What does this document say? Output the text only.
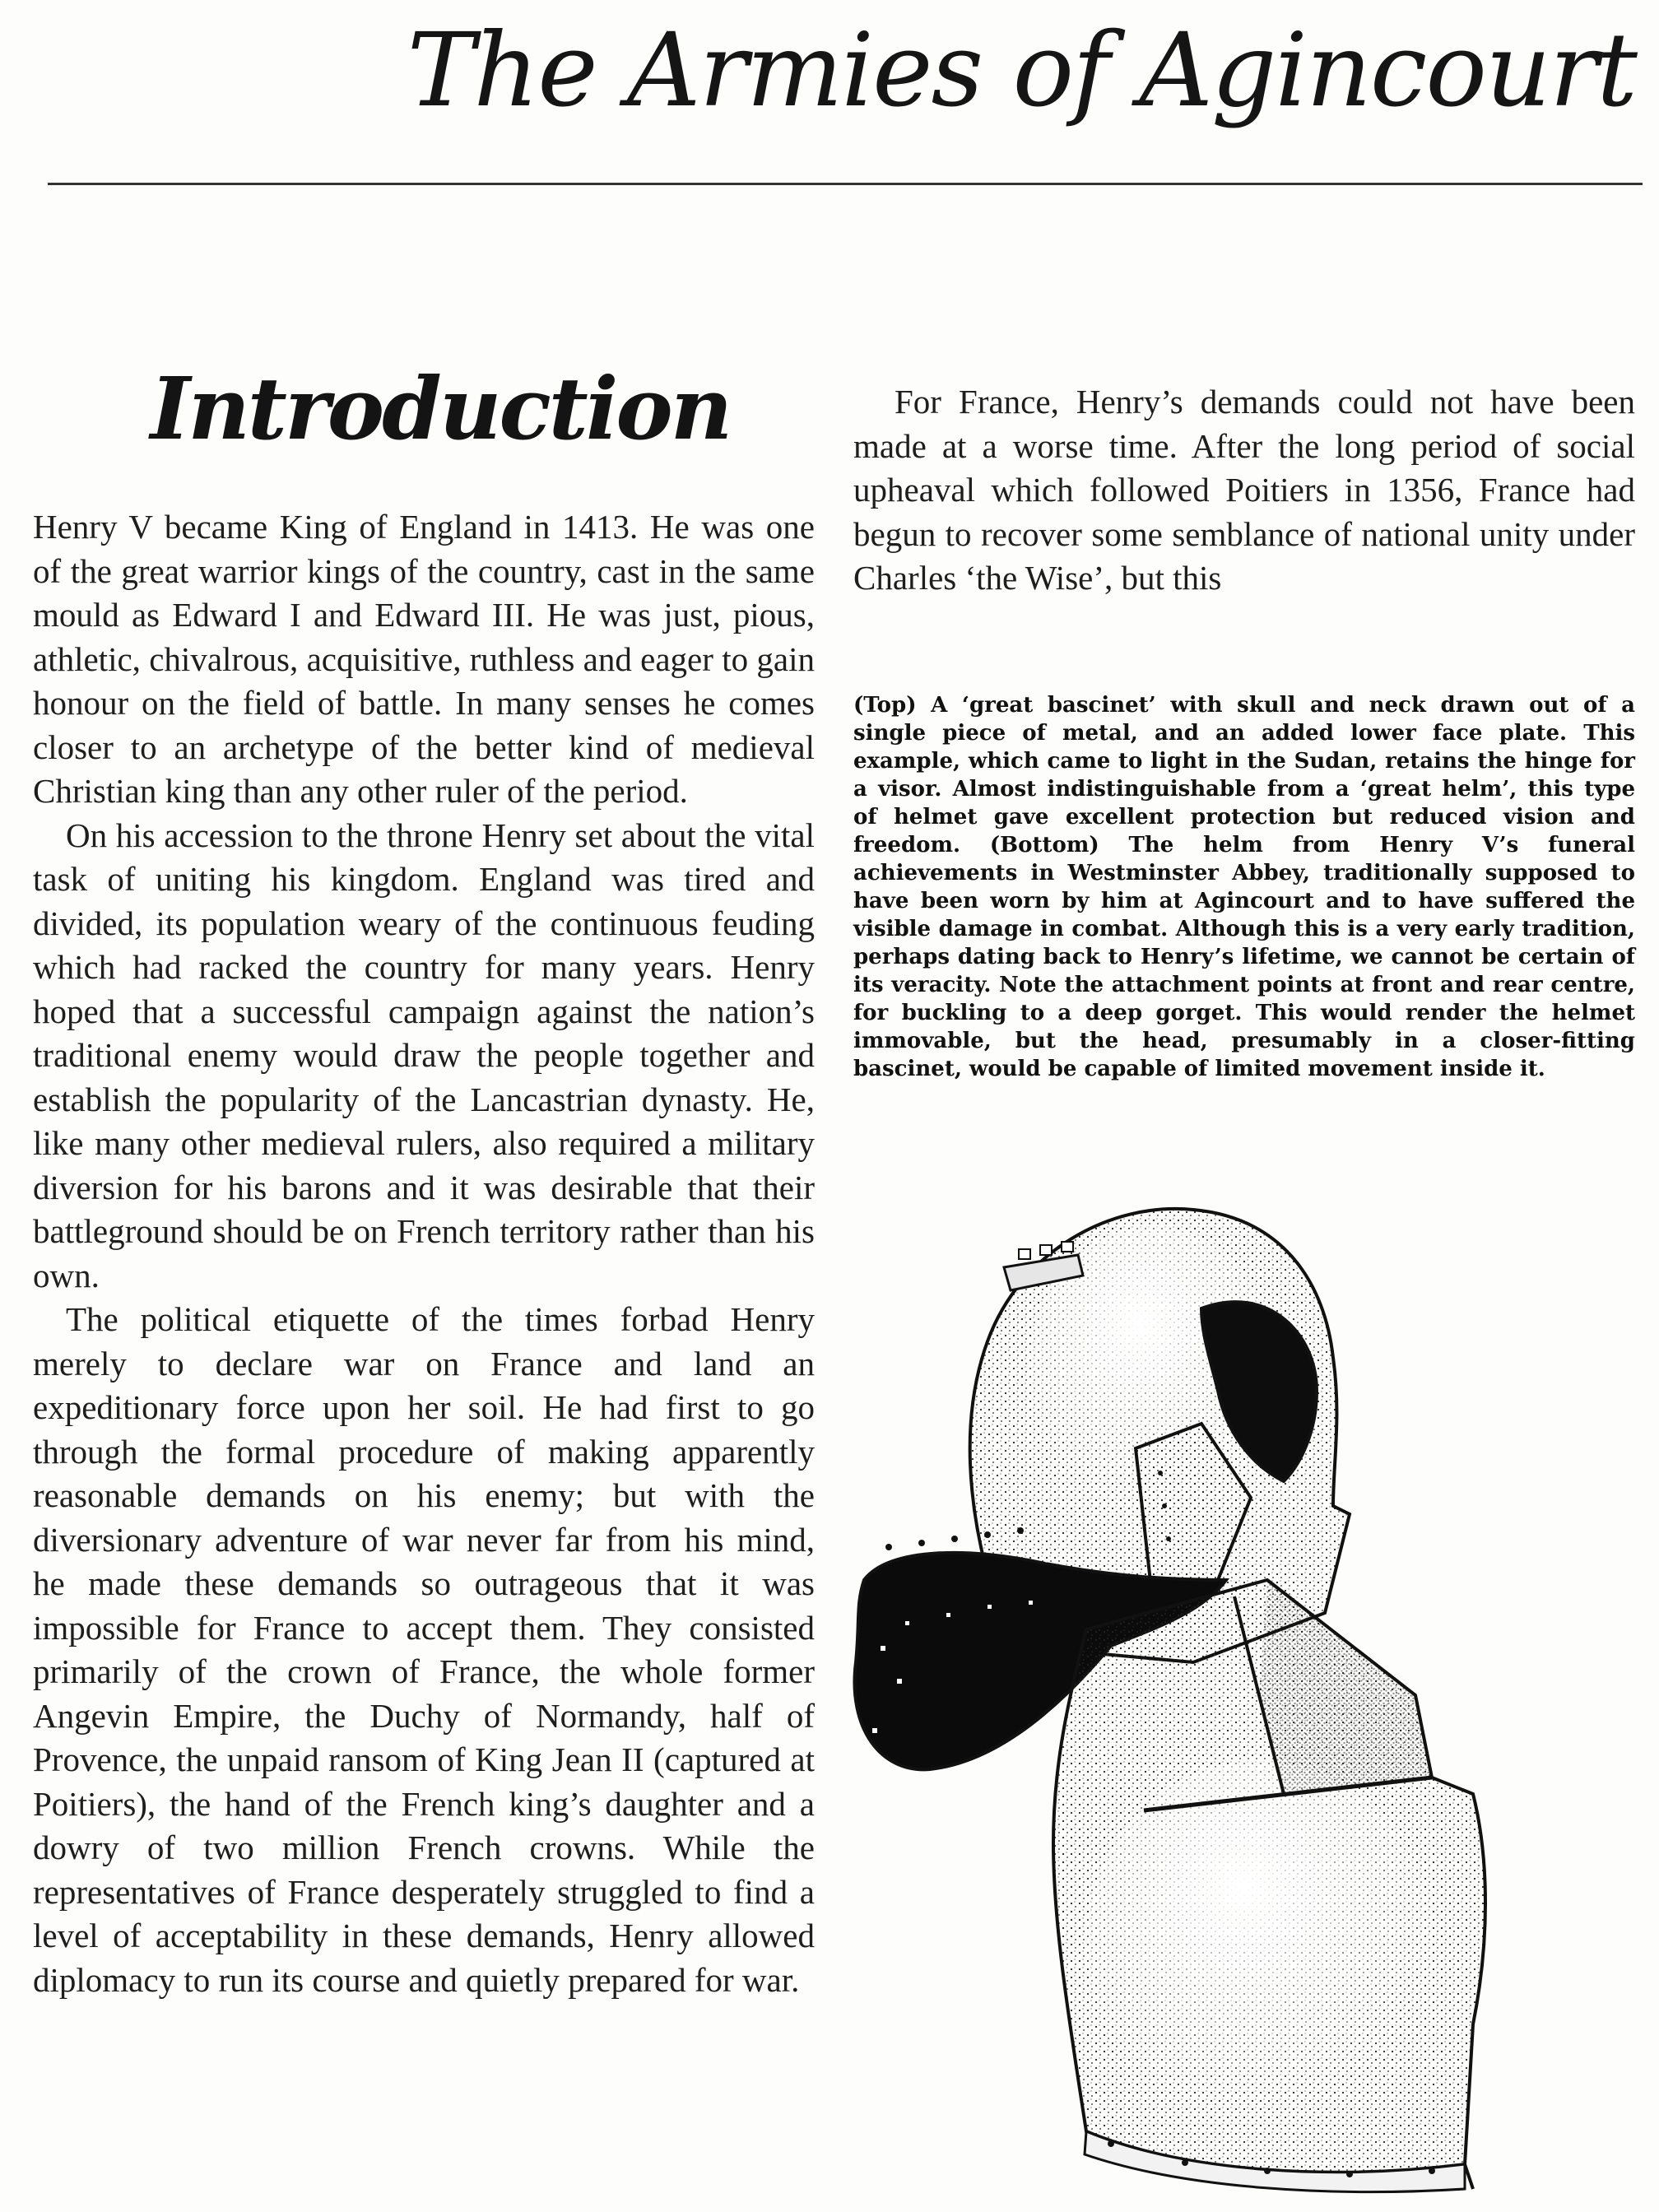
The Armies of Agincourt
Introduction

Henry V became King of England in 1413. He was one of the great warrior kings of the country, cast in the same mould as Edward I and Edward III. He was just, pious, athletic, chivalrous, acquisitive, ruthless and eager to gain honour on the field of battle. In many senses he comes closer to an archetype of the better kind of medieval Christian king than any other ruler of the period.

On his accession to the throne Henry set about the vital task of uniting his kingdom. England was tired and divided, its population weary of the continuous feuding which had racked the country for many years. Henry hoped that a successful campaign against the nation’s traditional enemy would draw the people together and establish the popularity of the Lancastrian dynasty. He, like many other medieval rulers, also required a military diversion for his barons and it was desirable that their battleground should be on French territory rather than his own.

The political etiquette of the times forbad Henry merely to declare war on France and land an expeditionary force upon her soil. He had first to go through the formal procedure of making apparently reasonable demands on his enemy; but with the diversionary adventure of war never far from his mind, he made these demands so outrageous that it was impossible for France to accept them. They consisted primarily of the crown of France, the whole former Angevin Empire, the Duchy of Normandy, half of Provence, the unpaid ransom of King Jean II (captured at Poitiers), the hand of the French king’s daughter and a dowry of two million French crowns. While the representatives of France desperately struggled to find a level of acceptability in these demands, Henry allowed diplomacy to run its course and quietly prepared for war.

For France, Henry’s demands could not have been made at a worse time. After the long period of social upheaval which followed Poitiers in 1356, France had begun to recover some semblance of national unity under Charles ‘the Wise’, but this

(Top) A ‘great bascinet’ with skull and neck drawn out of a single piece of metal, and an added lower face plate. This example, which came to light in the Sudan, retains the hinge for a visor. Almost indistinguishable from a ‘great helm’, this type of helmet gave excellent protection but reduced vision and freedom. (Bottom) The helm from Henry V’s funeral achievements in Westminster Abbey, traditionally supposed to have been worn by him at Agincourt and to have suffered the visible damage in combat. Although this is a very early tradition, perhaps dating back to Henry’s lifetime, we cannot be certain of its veracity. Note the attachment points at front and rear centre, for buckling to a deep gorget. This would render the helmet immovable, but the head, presumably in a closer-fitting bascinet, would be capable of limited movement inside it.
